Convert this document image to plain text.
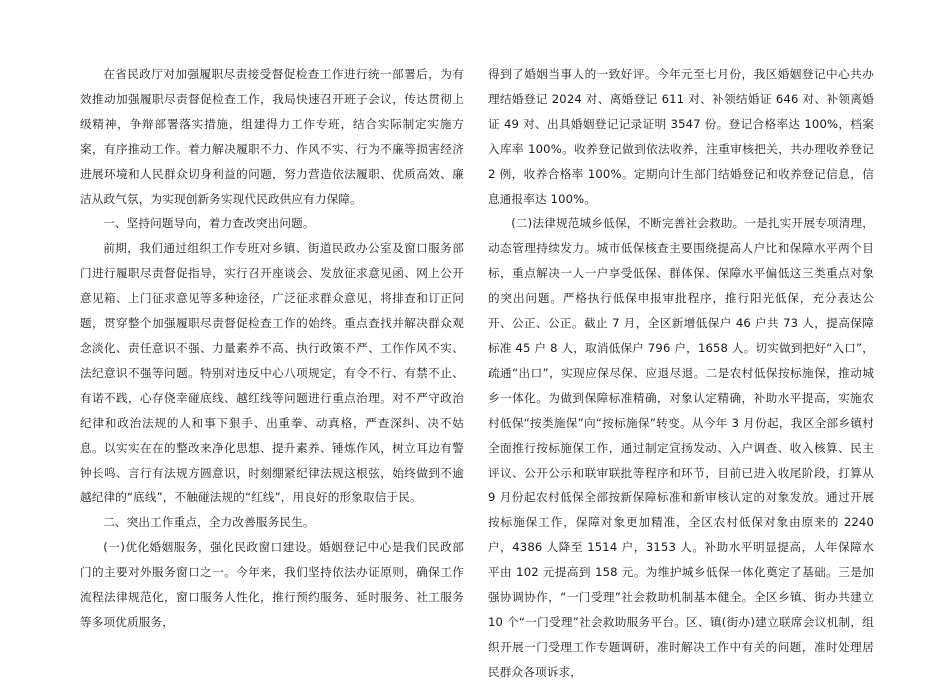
在省民政厅对加强履职尽责接受督促检查工作进行统一部署后，为有效推动加强履职尽责督促检查工作，我局快速召开班子会议，传达贯彻上级精神，争辩部署落实措施，组建得力工作专班，结合实际制定实施方案，有序推动工作。着力解决履职不力、作风不实、行为不廉等损害经济进展环境和人民群众切身利益的问题，努力营造依法履职、优质高效、廉洁从政气氛，为实现创新务实现代民政供应有力保障。

一、坚持问题导向，着力查改突出问题。

前期，我们通过组织工作专班对乡镇、街道民政办公室及窗口服务部门进行履职尽责督促指导，实行召开座谈会、发放征求意见函、网上公开意见箱、上门征求意见等多种途径，广泛征求群众意见，将排查和订正问题，贯穿整个加强履职尽责督促检查工作的始终。重点查找并解决群众观念淡化、责任意识不强、力量素养不高、执行政策不严、工作作风不实、法纪意识不强等问题。特别对违反中心八项规定，有令不行、有禁不止、有诺不践，心存侥幸碰底线、越红线等问题进行重点治理。对不严守政治纪律和政治法规的人和事下狠手、出重拳、动真格，严查深纠、决不姑息。以实实在在的整改来净化思想、提升素养、锤炼作风，树立耳边有警钟长鸣、言行有法规方圆意识，时刻绷紧纪律法规这根弦，始终做到不逾越纪律的“底线”，不触碰法规的“红线”，用良好的形象取信于民。

二、突出工作重点，全力改善服务民生。

(一)优化婚姻服务，强化民政窗口建设。婚姻登记中心是我们民政部门的主要对外服务窗口之一。今年来，我们坚持依法办证原则，确保工作流程法律规范化，窗口服务人性化，推行预约服务、延时服务、社工服务等多项优质服务，

得到了婚姻当事人的一致好评。今年元至七月份，我区婚姻登记中心共办理结婚登记 2024 对、离婚登记 611 对、补领结婚证 646 对、补领离婚证 49 对、出具婚姻登记记录证明 3547 份。登记合格率达 100%，档案入库率 100%。收养登记做到依法收养，注重审核把关，共办理收养登记 2 例，收养合格率 100%。定期向计生部门结婚登记和收养登记信息，信息通报率达 100%。

(二)法律规范城乡低保，不断完善社会救助。一是扎实开展专项清理，动态管理持续发力。城市低保核查主要围绕提高人户比和保障水平两个目标，重点解决一人一户享受低保、群体保、保障水平偏低这三类重点对象的突出问题。严格执行低保申报审批程序，推行阳光低保，充分表达公开、公正、公正。截止 7 月，全区新增低保户 46 户共 73 人，提高保障标准 45 户 8 人，取消低保户 796 户，1658 人。切实做到把好“入口”，疏通“出口”，实现应保尽保、应退尽退。二是农村低保按标施保，推动城乡一体化。为做到保障标准精确，对象认定精确，补助水平提高，实施农村低保“按类施保”向“按标施保”转变。从今年 3 月份起，我区全部乡镇村全面推行按标施保工作，通过制定宣扬发动、入户调查、收入核算、民主评议、公开公示和联审联批等程序和环节，目前已进入收尾阶段，打算从 9 月份起农村低保全部按新保障标准和新审核认定的对象发放。通过开展按标施保工作，保障对象更加精准，全区农村低保对象由原来的 2240 户，4386 人降至 1514 户，3153 人。补助水平明显提高，人年保障水平由 102 元提高到 158 元。为维护城乡低保一体化奠定了基础。三是加强协调协作，“一门受理”社会救助机制基本健全。全区乡镇、街办共建立 10 个“一门受理”社会救助服务平台。区、镇(街办)建立联席会议机制，组织开展一门受理工作专题调研，准时解决工作中有关的问题，准时处理居民群众各项诉求，
